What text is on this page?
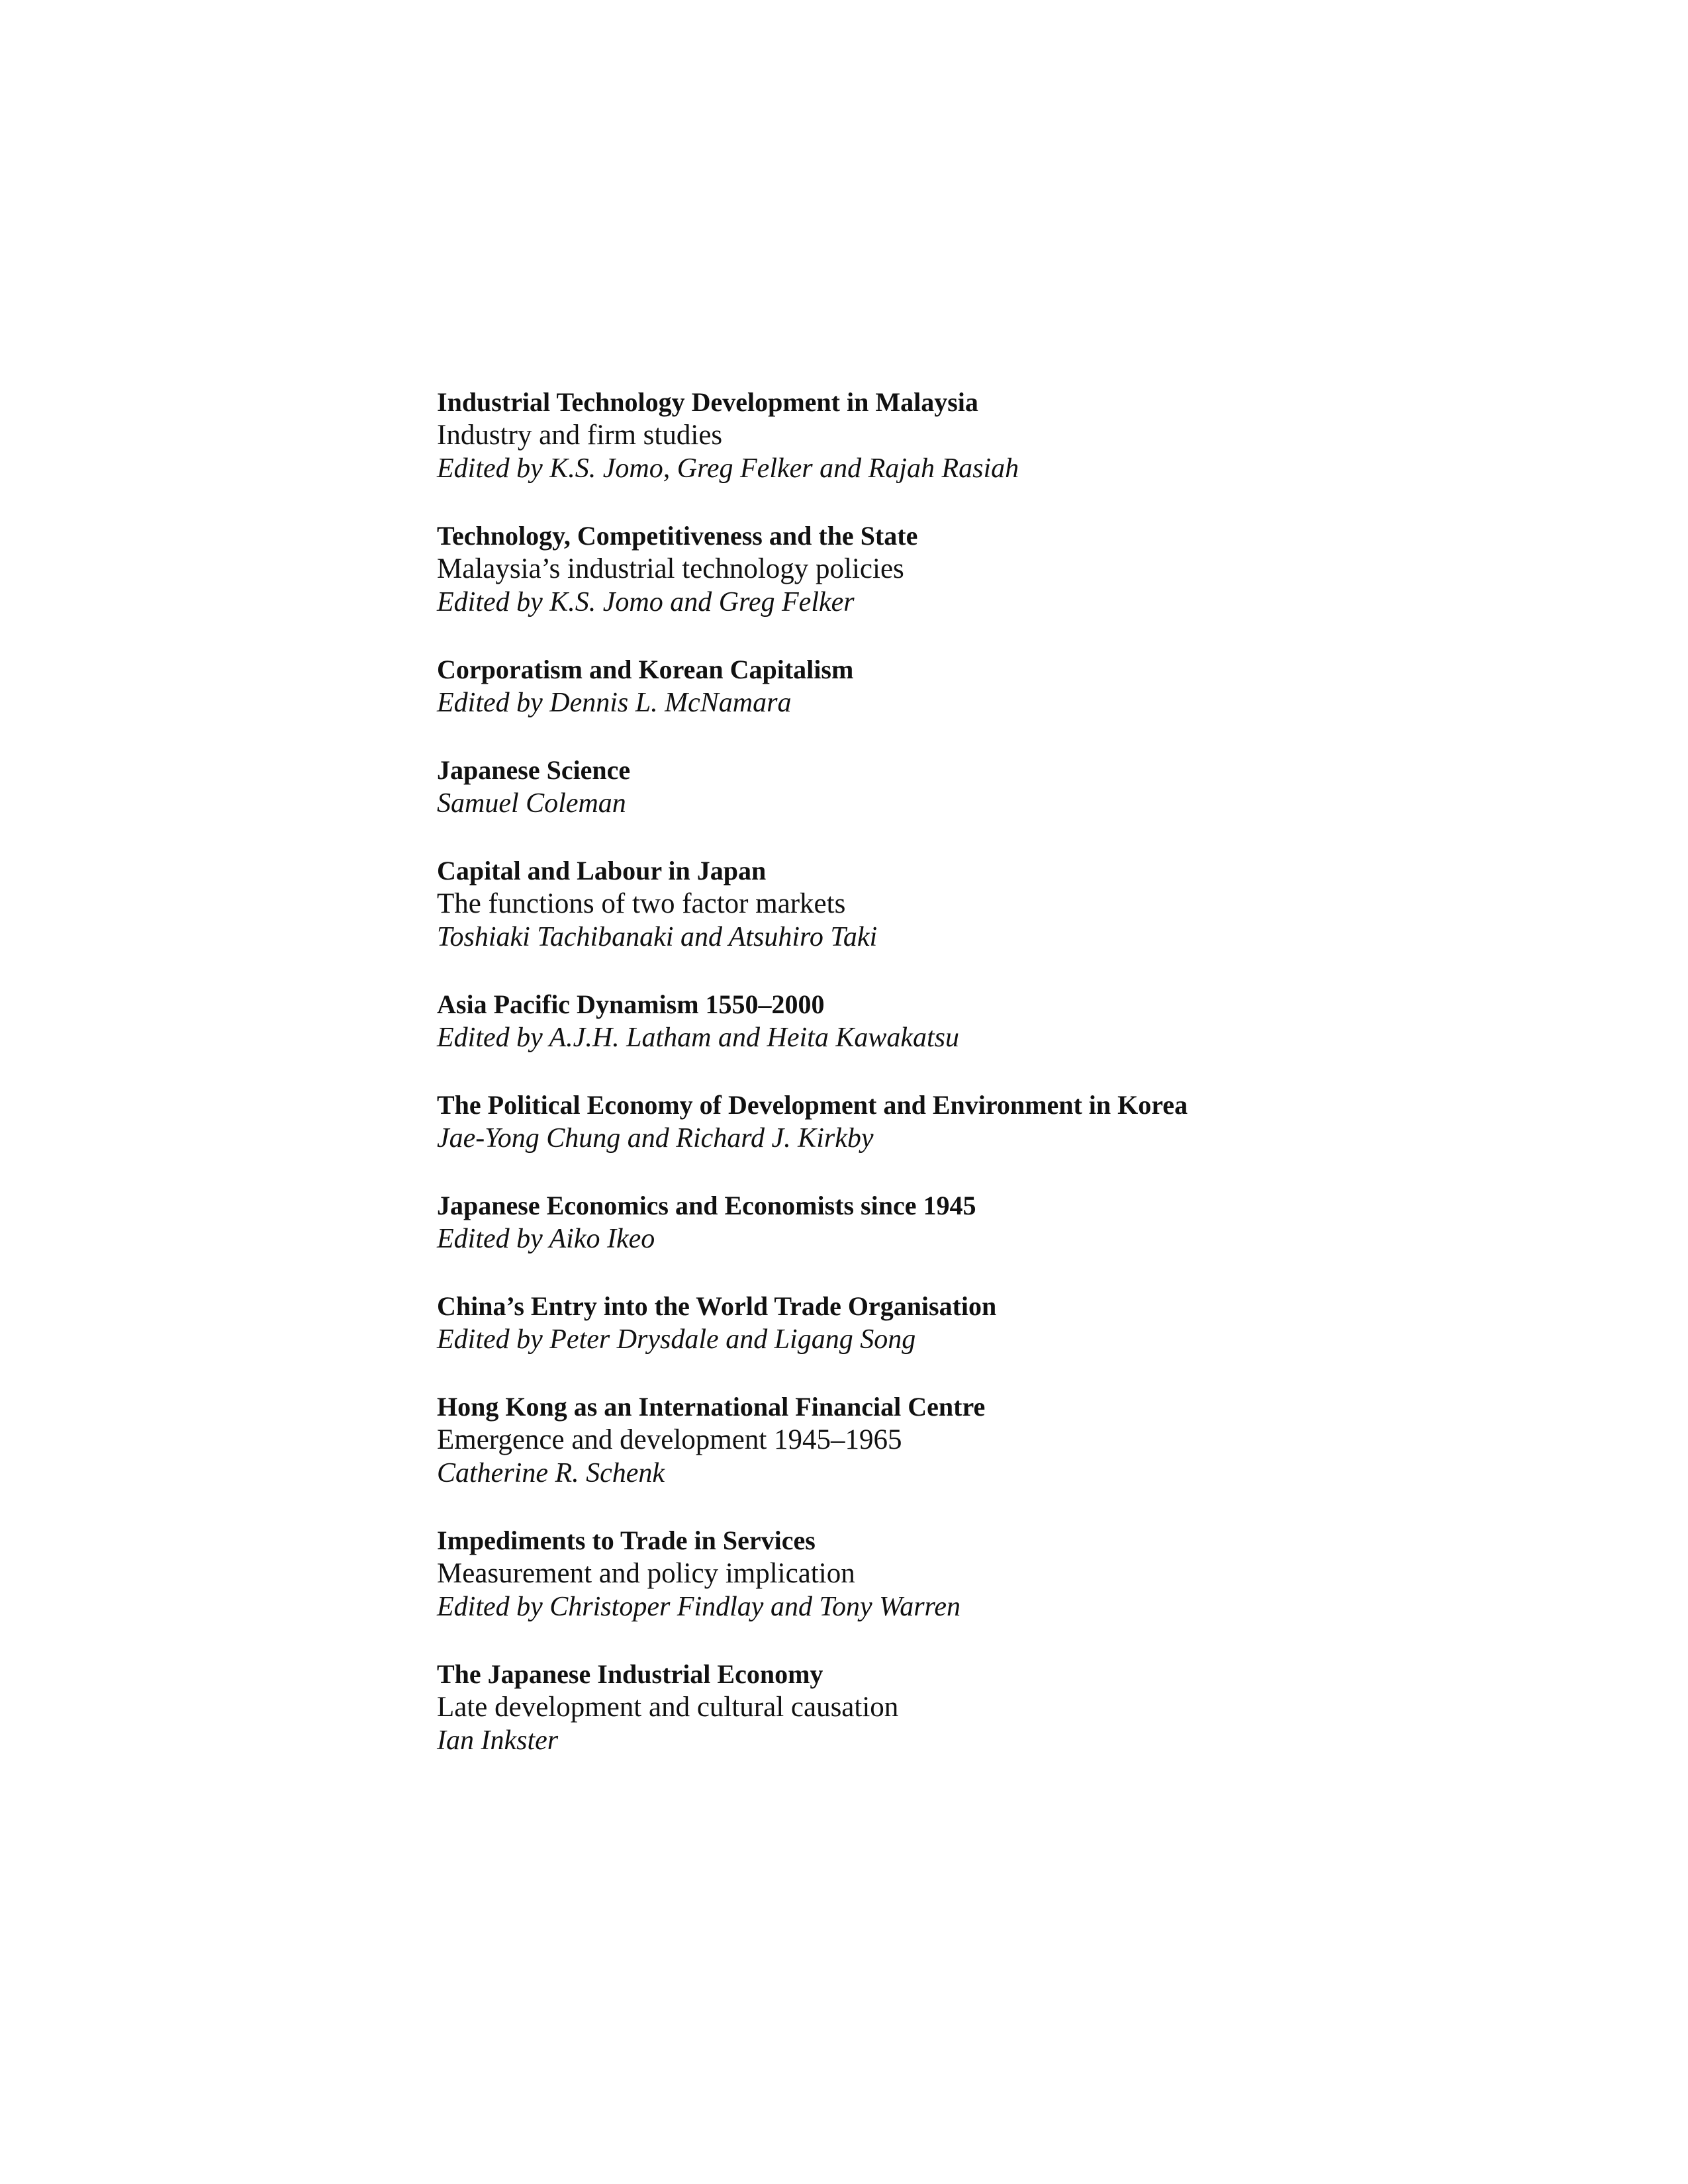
Industrial Technology Development in Malaysia
Industry and firm studies
Edited by K.S. Jomo, Greg Felker and Rajah Rasiah
Technology, Competitiveness and the State
Malaysia’s industrial technology policies
Edited by K.S. Jomo and Greg Felker
Corporatism and Korean Capitalism
Edited by Dennis L. McNamara
Japanese Science
Samuel Coleman
Capital and Labour in Japan
The functions of two factor markets
Toshiaki Tachibanaki and Atsuhiro Taki
Asia Pacific Dynamism 1550–2000
Edited by A.J.H. Latham and Heita Kawakatsu
The Political Economy of Development and Environment in Korea
Jae-Yong Chung and Richard J. Kirkby
Japanese Economics and Economists since 1945
Edited by Aiko Ikeo
China’s Entry into the World Trade Organisation
Edited by Peter Drysdale and Ligang Song
Hong Kong as an International Financial Centre
Emergence and development 1945–1965
Catherine R. Schenk
Impediments to Trade in Services
Measurement and policy implication
Edited by Christoper Findlay and Tony Warren
The Japanese Industrial Economy
Late development and cultural causation
Ian Inkster
